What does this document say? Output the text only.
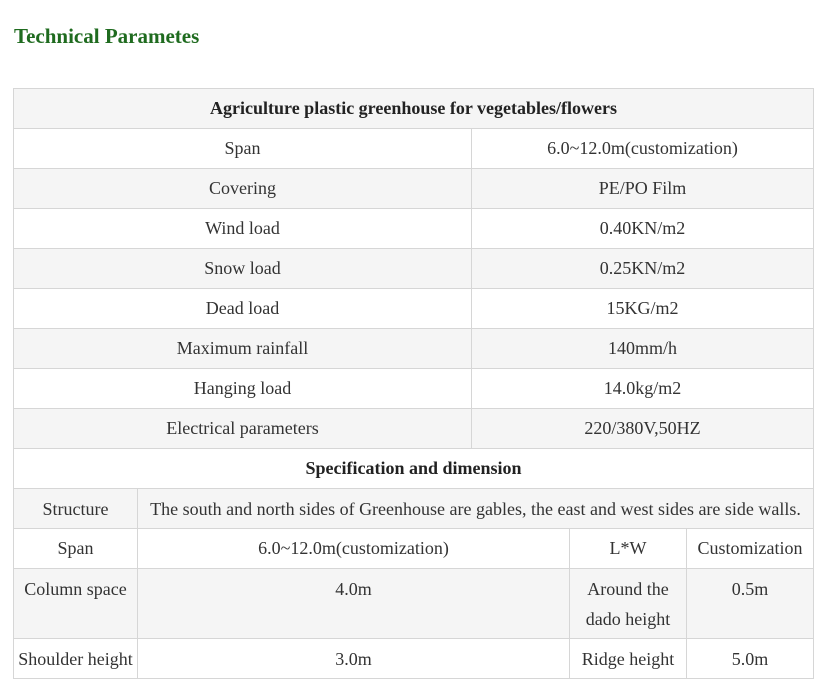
Technical Parametes
Agriculture plastic greenhouse for vegetables/flowers				
Span		6.0~12.0m(customization)		
Covering		PE/PO Film		
Wind load		0.40KN/m2		
Snow load		0.25KN/m2		
Dead load		15KG/m2		
Maximum rainfall		140mm/h		
Hanging load		14.0kg/m2		
Electrical parameters		220/380V,50HZ		
Specification and dimension				
Structure	The south and north sides of Greenhouse are gables, the east and west sides are side walls.			
Span	6.0~12.0m(customization)		L*W	Customization
Column space	4.0m		Around the dado height	0.5m
Shoulder height	3.0m		Ridge height	5.0m
